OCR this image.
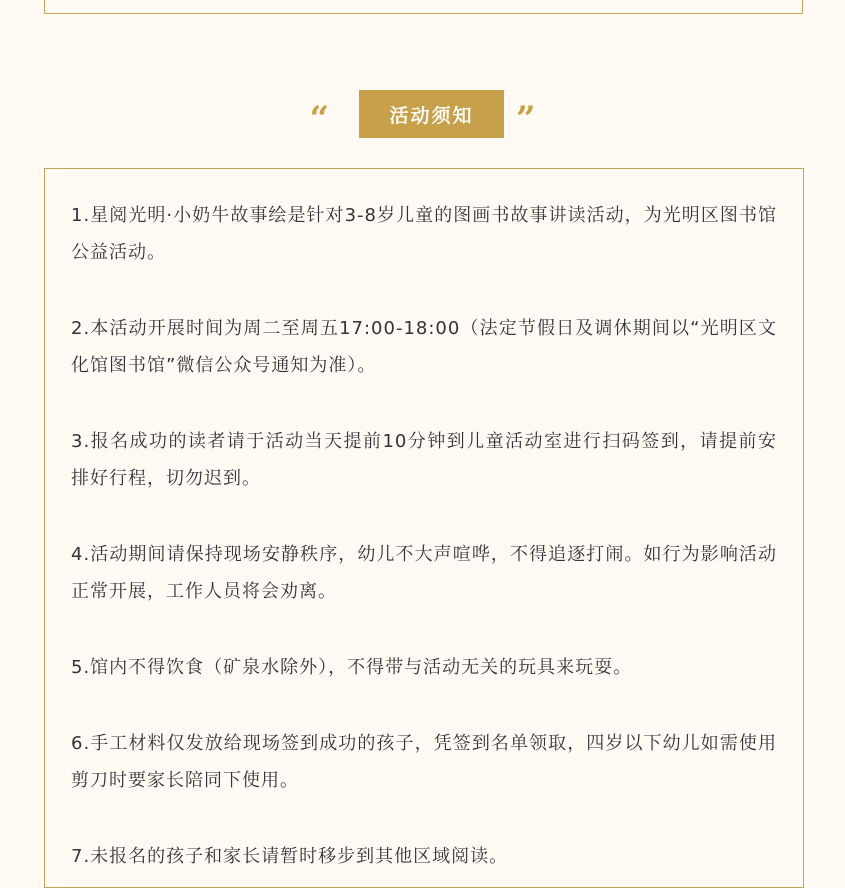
“	活动须知	”

1.星阅光明·小奶牛故事绘是针对3-8岁儿童的图画书故事讲读活动，为光明区图书馆公益活动。

2.本活动开展时间为周二至周五17:00-18:00（法定节假日及调休期间以“光明区文化馆图书馆”微信公众号通知为准）。

3.报名成功的读者请于活动当天提前10分钟到儿童活动室进行扫码签到，请提前安排好行程，切勿迟到。

4.活动期间请保持现场安静秩序，幼儿不大声喧哗，不得追逐打闹。如行为影响活动正常开展，工作人员将会劝离。

5.馆内不得饮食（矿泉水除外），不得带与活动无关的玩具来玩耍。

6.手工材料仅发放给现场签到成功的孩子，凭签到名单领取，四岁以下幼儿如需使用剪刀时要家长陪同下使用。

7.未报名的孩子和家长请暂时移步到其他区域阅读。
